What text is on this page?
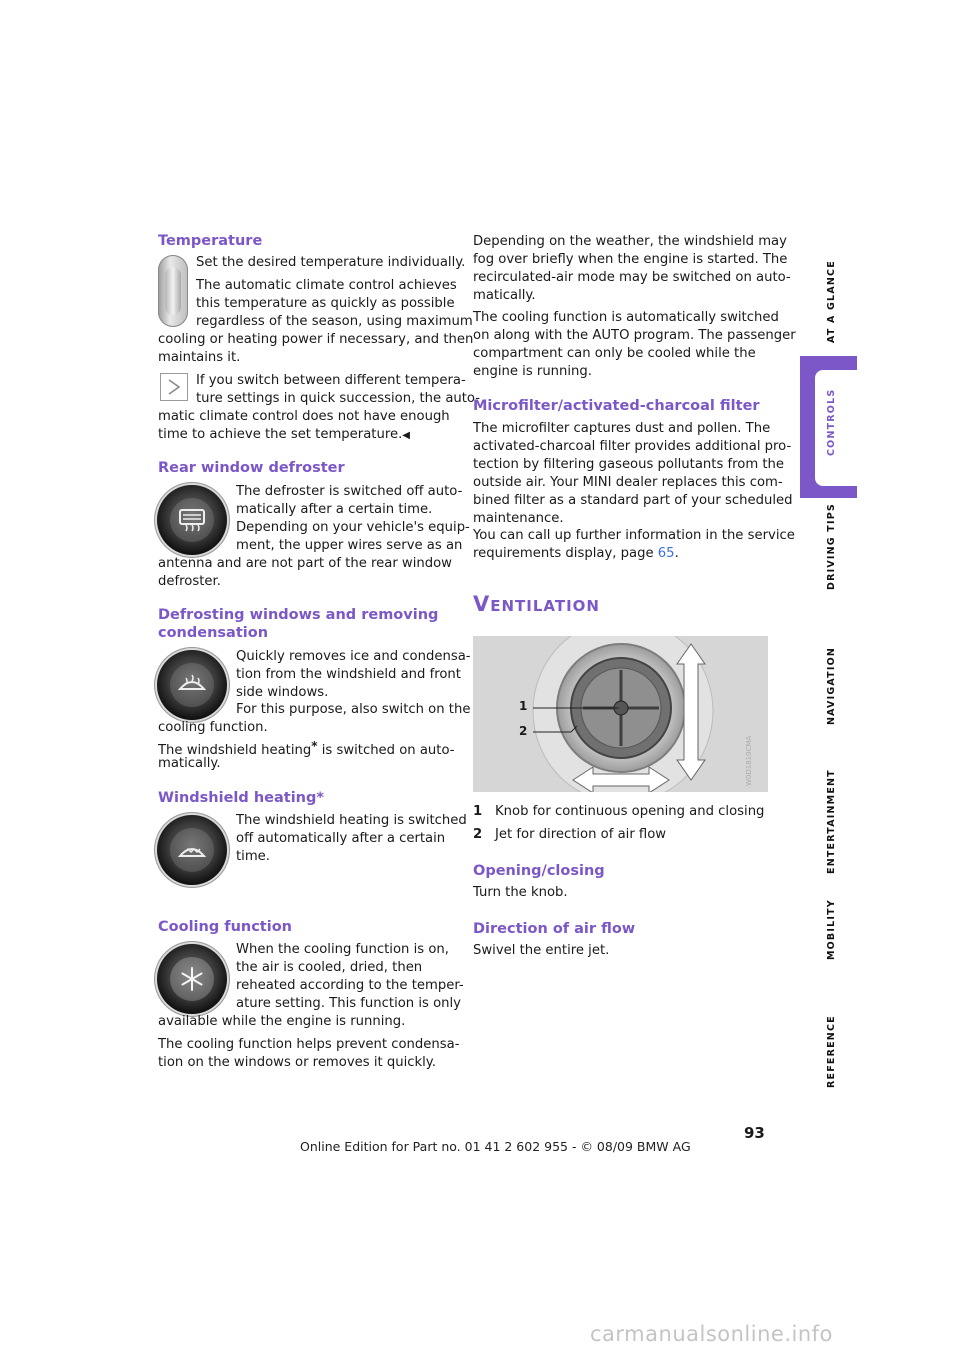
AT A GLANCE
CONTROLS
DRIVING TIPS
NAVIGATION
ENTERTAINMENT
MOBILITY
REFERENCE

Temperature

Set the desired temperature individually.

The automatic climate control achieves

this temperature as quickly as possible

regardless of the season, using maximum

cooling or heating power if necessary, and then

maintains it.

If you switch between different tempera-

ture settings in quick succession, the auto-

matic climate control does not have enough

time to achieve the set temperature.◀

Rear window defroster

The defroster is switched off auto-

matically after a certain time.

Depending on your vehicle's equip-

ment, the upper wires serve as an

antenna and are not part of the rear window

defroster.

Defrosting windows and removing

condensation

Quickly removes ice and condensa-

tion from the windshield and front

side windows.

For this purpose, also switch on the

cooling function.

The windshield heating* is switched on auto-

matically.

Windshield heating*

The windshield heating is switched

off automatically after a certain

time.

Cooling function

When the cooling function is on,

the air is cooled, dried, then

reheated according to the temper-

ature setting. This function is only

available while the engine is running.

The cooling function helps prevent condensa-

tion on the windows or removes it quickly.

Depending on the weather, the windshield may

fog over briefly when the engine is started. The

recirculated-air mode may be switched on auto-

matically.

The cooling function is automatically switched

on along with the AUTO program. The passenger

compartment can only be cooled while the

engine is running.

Microfilter/activated-charcoal filter

The microfilter captures dust and pollen. The

activated-charcoal filter provides additional pro-

tection by filtering gaseous pollutants from the

outside air. Your MINI dealer replaces this com-

bined filter as a standard part of your scheduled

maintenance.

You can call up further information in the service

requirements display, page 65.

Ventilation
1
2
W0D1810CMA

1 Knob for continuous opening and closing

2 Jet for direction of air flow

Opening/closing

Turn the knob.

Direction of air flow

Swivel the entire jet.

93
Online Edition for Part no. 01 41 2 602 955 - © 08/09 BMW AG
carmanualsonline.info
